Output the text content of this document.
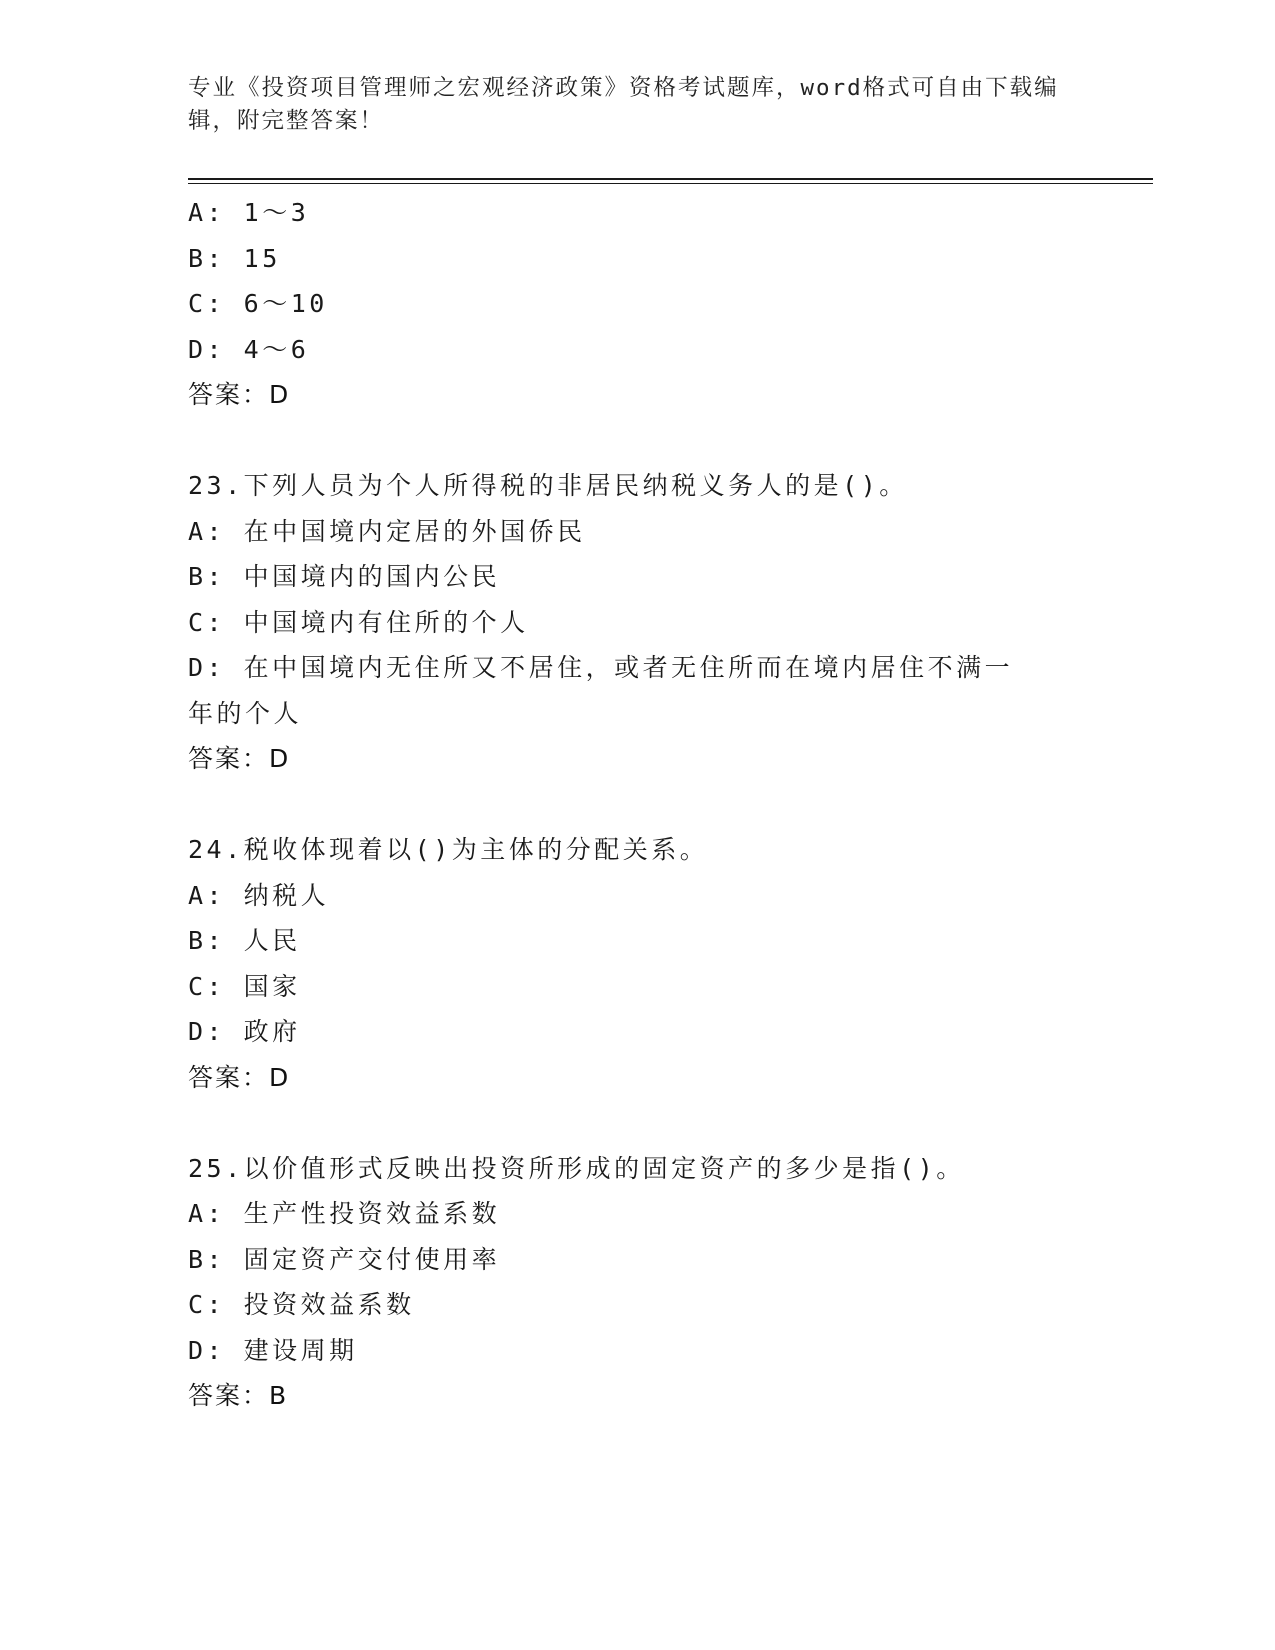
专业《投资项目管理师之宏观经济政策》资格考试题库，word格式可自由下载编辑，附完整答案！
A: 1～3
B: 15
C: 6～10
D: 4～6
答案：D
23.下列人员为个人所得税的非居民纳税义务人的是()。
A: 在中国境内定居的外国侨民
B: 中国境内的国内公民
C: 中国境内有住所的个人
D: 在中国境内无住所又不居住，或者无住所而在境内居住不满一年的个人
答案：D
24.税收体现着以()为主体的分配关系。
A: 纳税人
B: 人民
C: 国家
D: 政府
答案：D
25.以价值形式反映出投资所形成的固定资产的多少是指()。
A: 生产性投资效益系数
B: 固定资产交付使用率
C: 投资效益系数
D: 建设周期
答案：B
